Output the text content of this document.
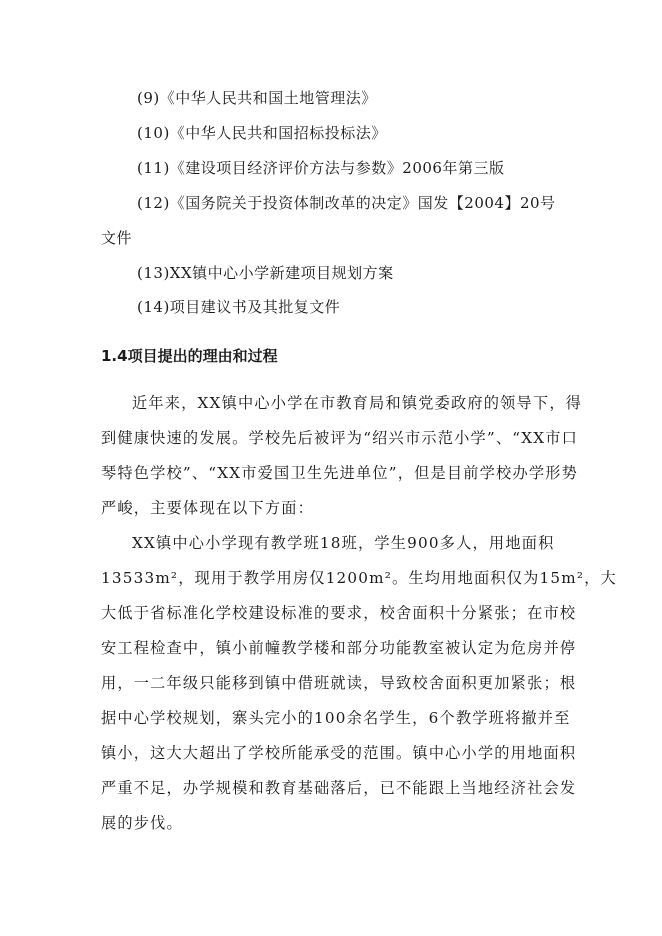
(9)《中华人民共和国土地管理法》
(10)《中华人民共和国招标投标法》
(11)《建设项目经济评价方法与参数》2006年第三版
(12)《国务院关于投资体制改革的决定》国发【2004】20号
文件
(13)XX镇中心小学新建项目规划方案
(14)项目建议书及其批复文件
1.4项目提出的理由和过程
近年来，XX镇中心小学在市教育局和镇党委政府的领导下，得
到健康快速的发展。学校先后被评为“绍兴市示范小学”、“XX市口
琴特色学校”、“XX市爱国卫生先进单位”，但是目前学校办学形势
严峻，主要体现在以下方面：
XX镇中心小学现有教学班18班，学生900多人，用地面积
13533m²，现用于教学用房仅1200m²。生均用地面积仅为15m²，大
大低于省标准化学校建设标准的要求，校舍面积十分紧张；在市校
安工程检查中，镇小前幢教学楼和部分功能教室被认定为危房并停
用，一二年级只能移到镇中借班就读，导致校舍面积更加紧张；根
据中心学校规划，寨头完小的100余名学生，6个教学班将撤并至
镇小，这大大超出了学校所能承受的范围。镇中心小学的用地面积
严重不足，办学规模和教育基础落后，已不能跟上当地经济社会发
展的步伐。
